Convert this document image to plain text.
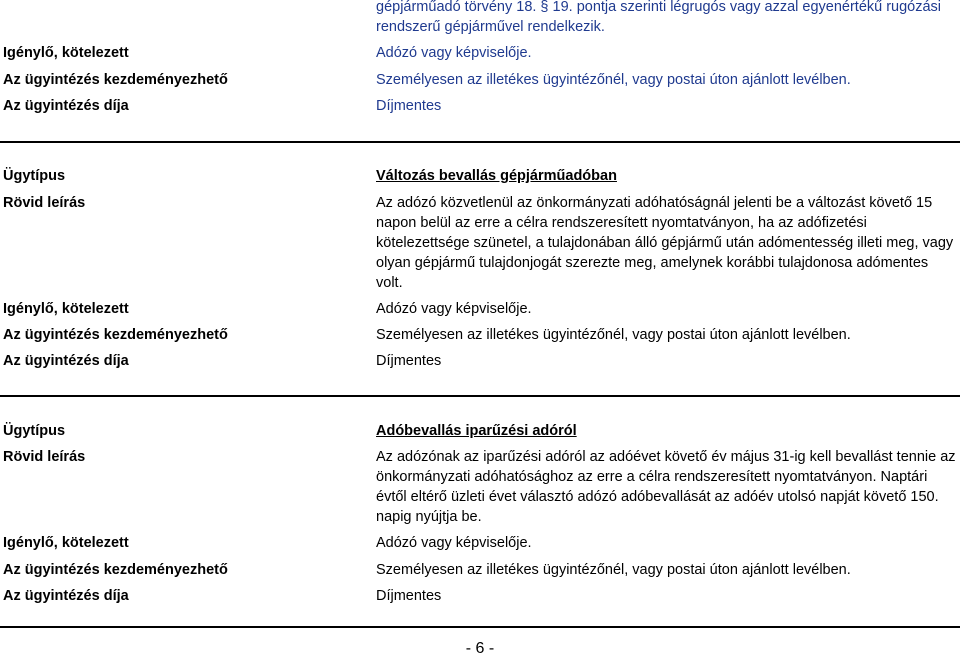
gépjárműadó törvény 18. § 19. pontja szerinti légrugós vagy azzal egyenértékű rugózási
rendszerű gépjárművel rendelkezik.
Igénylő, kötelezett	Adózó vagy képviselője.
Az ügyintézés kezdeményezhető	Személyesen az illetékes ügyintézőnél, vagy postai úton ajánlott levélben.
Az ügyintézés díja	Díjmentes
Ügytípus	Változás bevallás gépjárműadóban
Rövid leírás	Az adózó közvetlenül az önkormányzati adóhatóságnál jelenti be a változást követő 15 napon belül az erre a célra rendszeresített nyomtatványon, ha az adófizetési kötelezettsége szünetel, a tulajdonában álló gépjármű után adómentesség illeti meg, vagy olyan gépjármű tulajdonjogát szerezte meg, amelynek korábbi tulajdonosa adómentes volt.
Igénylő, kötelezett	Adózó vagy képviselője.
Az ügyintézés kezdeményezhető	Személyesen az illetékes ügyintézőnél, vagy postai úton ajánlott levélben.
Az ügyintézés díja	Díjmentes
Ügytípus	Adóbevallás iparűzési adóról
Rövid leírás	Az adózónak az iparűzési adóról az adóévet követő év május 31-ig kell bevallást tennie az önkormányzati adóhatósághoz az erre a célra rendszeresített nyomtatványon. Naptári évtől eltérő üzleti évet választó adózó adóbevallását az adóév utolsó napját követő 150. napig nyújtja be.
Igénylő, kötelezett	Adózó vagy képviselője.
Az ügyintézés kezdeményezhető	Személyesen az illetékes ügyintézőnél, vagy postai úton ajánlott levélben.
Az ügyintézés díja	Díjmentes
- 6 -
